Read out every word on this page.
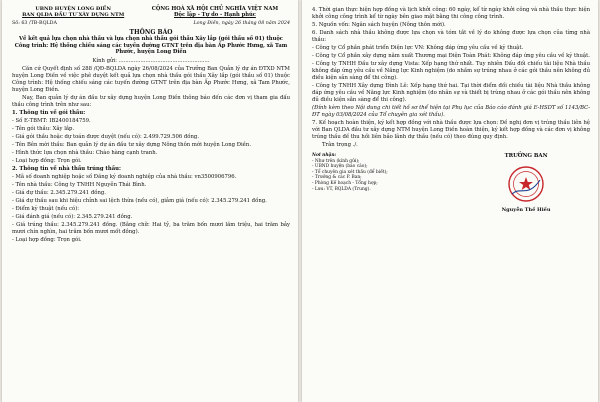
UBND HUYỆN LONG ĐIỀN
BAN QLDA ĐẦU TƯ XÂY DỰNG NTM
CỘNG HOÀ XÃ HỘI CHỦ NGHĨA VIỆT NAM
Độc lập - Tự do - Hạnh phúc
Số: 63 /TB-BQLDA	Long Điền, ngày 26 tháng 08 năm 2024
THÔNG BÁO
Về kết quả lựa chọn nhà thầu và lựa chọn nhà thầu gói thầu Xây lắp (gói thầu số 01) thuộc Công trình: Hệ thống chiếu sáng các tuyến đường GTNT trên địa bàn Ấp Phước Hưng, xã Tam Phước, huyện Long Điền
Kính gửi: ......................................................
Căn cứ Quyết định số 288 /QĐ-BQLDA ngày 26/08/2024 của Trưởng Ban Quản lý dự án ĐTXD NTM huyện Long Điền về việc phê duyệt kết quả lựa chọn nhà thầu gói thầu Xây lắp (gói thầu số 01) thuộc Công trình: Hệ thống chiếu sáng các tuyến đường GTNT trên địa bàn Ấp Phước Hưng, xã Tam Phước, huyện Long Điền.
Nay, Ban quản lý dự án đầu tư xây dựng huyện Long Điền thông báo đến các đơn vị tham gia đấu thầu công trình trên như sau:
1. Thông tin về gói thầu:
- Số E-TBMT: IB2400184759.
- Tên gói thầu: Xây lắp.
- Giá gói thầu hoặc dự toán được duyệt (nếu có): 2.499.729.506 đồng.
- Tên Bên mời thầu: Ban quản lý dự án đầu tư xây dựng Nông thôn mới huyện Long Điền.
- Hình thức lựa chọn nhà thầu: Chào hàng cạnh tranh.
- Loại hợp đồng: Trọn gói.
2. Thông tin về nhà thầu trúng thầu:
- Mã số doanh nghiệp hoặc số Đăng ký doanh nghiệp của nhà thầu: vn3500906796.
- Tên nhà thầu: Công ty TNHH Nguyễn Thái Bình.
- Giá dự thầu: 2.345.279.241 đồng.
- Giá dự thầu sau khi hiệu chỉnh sai lệch thừa (nếu có), giảm giá (nếu có): 2.345.279.241 đồng.
- Điểm kỹ thuật (nếu có):
- Giá đánh giá (nếu có): 2.345.279.241 đồng.
- Giá trúng thầu: 2.345.279.241 đồng. (Bằng chữ: Hai tỷ, ba trăm bốn mươi lăm triệu, hai trăm bảy mươi chín nghìn, hai trăm bốn mươi mốt đồng).
- Loại hợp đồng: Trọn gói.
4. Thời gian thực hiện hợp đồng và lịch khởi công: 60 ngày, kể từ ngày khởi công và nhà thầu thực hiện khởi công công trình kể từ ngày bên giao mặt bằng thi công công trình.
5. Nguồn vốn: Ngân sách huyện (Nông thôn mới).
6. Danh sách nhà thầu không được lựa chọn và tóm tắt về lý do không được lựa chọn của từng nhà thầu:
- Công ty Cổ phần phát triển Điện lực VN: Không đáp ứng yêu cầu về kỹ thuật.
- Công ty Cổ phần xây dựng năm xuất Thương mại Điện Toàn Phát: Không đáp ứng yêu cầu về kỹ thuật.
- Công ty TNHH Đầu tư xây dựng Vista: Xếp hạng thứ nhất. Tuy nhiên Đấu đối chiếu tài liệu Nhà thầu không đáp ứng yêu cầu về Năng lực Kinh nghiệm (do nhầm sự trúng nhau ở các gói thầu nên không đủ điều kiện sản sàng để thi công).
- Công ty TNHH Xây dựng Đình Lê: Xếp hạng thứ hai. Tại thời điểm đối chiếu tài liệu Nhà thầu không đáp ứng yêu cầu về Năng lực Kinh nghiệm (do nhân sự và thiết bị trùng nhau ở các gói thầu nên không đủ điều kiện sẵn sàng để thi công).
(Đính kèm theo Nội dung chi tiết hồ sơ thể hiện tại Phụ lục của Báo cáo đánh giá E-HSDT số 1143/BC-ĐT ngày 03/08/2024 của Tổ chuyên gia xét thầu).
7. Kế hoạch hoàn thiện, ký kết hợp đồng với nhà thầu được lựa chọn: Đề nghị đơn vị trúng thầu liên hệ với Ban QLDA đầu tư xây dựng NTM huyện Long Điền hoàn thiện, ký kết hợp đồng và các đơn vị không trúng thầu đề thu hồi liên bảo lãnh dự thầu (nếu có) theo đúng quy định.
Trân trọng ./.
Nơi nhận:
- Như trên (kính gửi);
- UBND huyện (báo cáo);
- Tổ chuyên gia xét thầu (để biết);
- Trưởng & các P. Ban;
- Phòng Kế hoạch - Tổng hợp;
- Lưu: VT, BQLDA (Trung).
TRƯỞNG BAN
Nguyễn Thế Hiếu
